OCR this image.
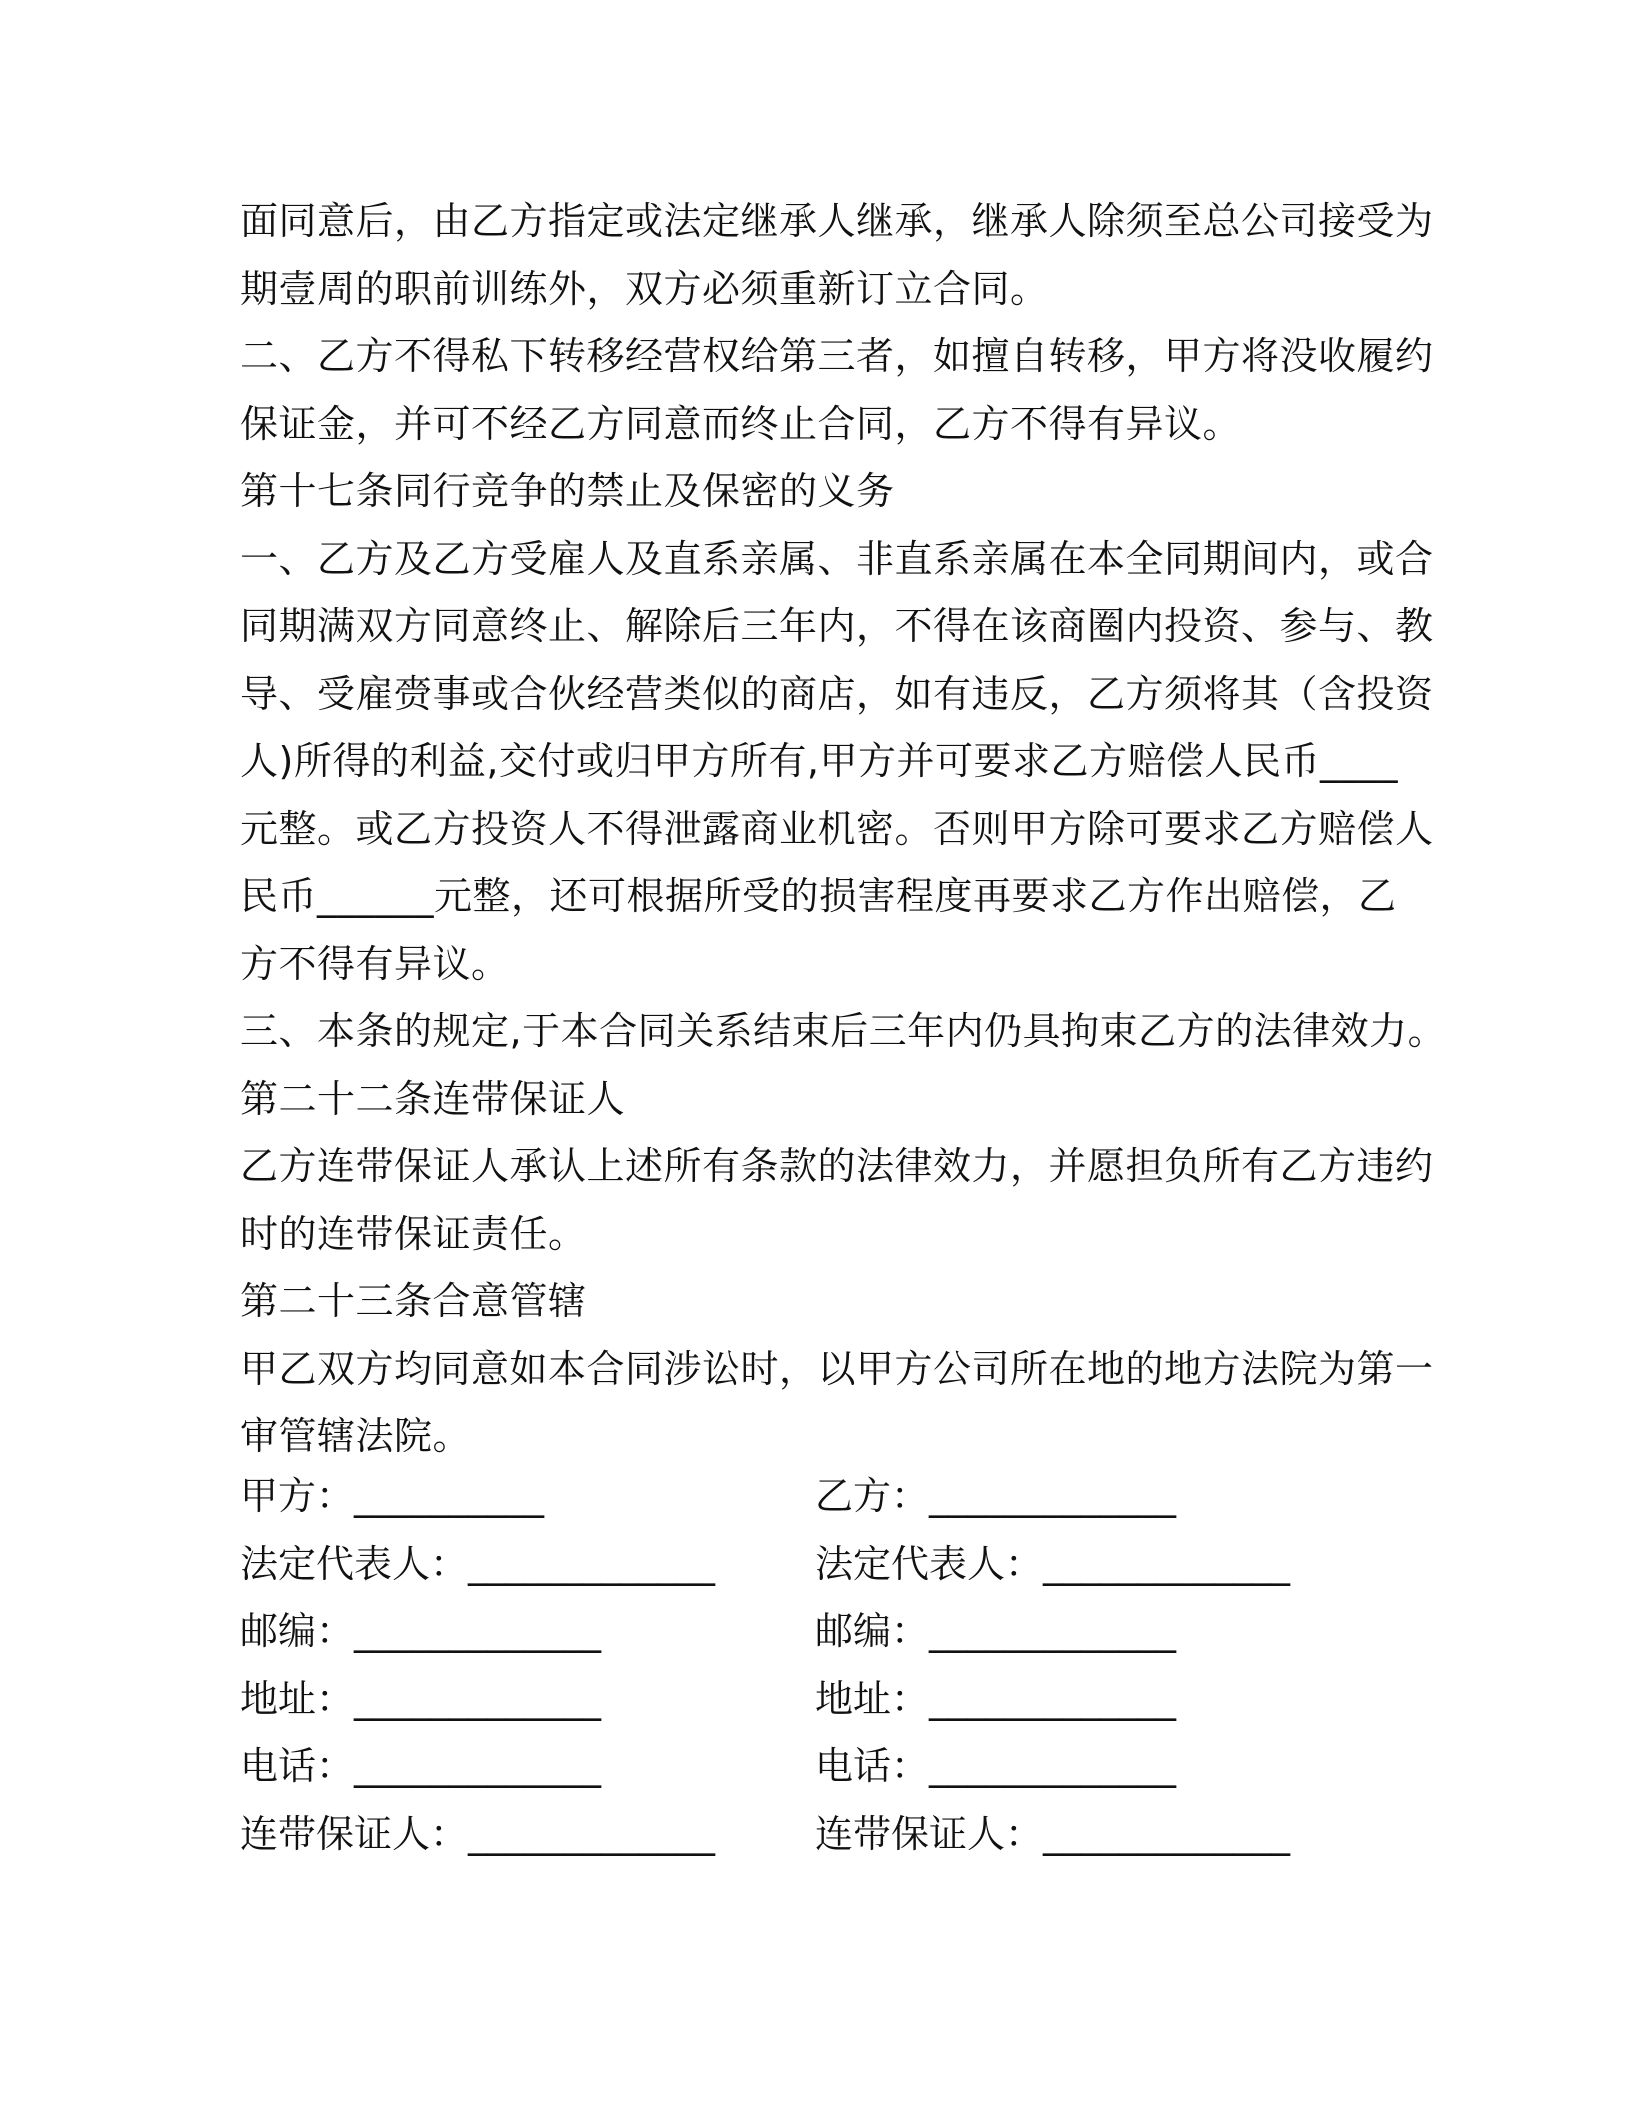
面同意后，由乙方指定或法定继承人继承，继承人除须至总公司接受为
期壹周的职前训练外，双方必须重新订立合同。
二、乙方不得私下转移经营权给第三者，如擅自转移，甲方将没收履约
保证金，并可不经乙方同意而终止合同，乙方不得有异议。
第十七条同行竞争的禁止及保密的义务
一、乙方及乙方受雇人及直系亲属、非直系亲属在本全同期间内，或合
同期满双方同意终止、解除后三年内，不得在该商圈内投资、参与、教
导、受雇赍事或合伙经营类似的商店，如有违反，乙方须将其（含投资
人)所得的利益,交付或归甲方所有,甲方并可要求乙方赔偿人民币____
元整。或乙方投资人不得泄露商业机密。否则甲方除可要求乙方赔偿人
民币______元整，还可根据所受的损害程度再要求乙方作出赔偿，乙
方不得有异议。
三、本条的规定,于本合同关系结束后三年内仍具拘束乙方的法律效力。
第二十二条连带保证人
乙方连带保证人承认上述所有条款的法律效力，并愿担负所有乙方违约
时的连带保证责任。
第二十三条合意管辖
甲乙双方均同意如本合同涉讼时，以甲方公司所在地的地方法院为第一
审管辖法院。
甲方： __________	乙方： _____________
法定代表人： _____________	法定代表人： _____________
邮编： _____________	邮编： _____________
地址： _____________	地址： _____________
电话： _____________	电话： _____________
连带保证人： _____________	连带保证人： _____________
